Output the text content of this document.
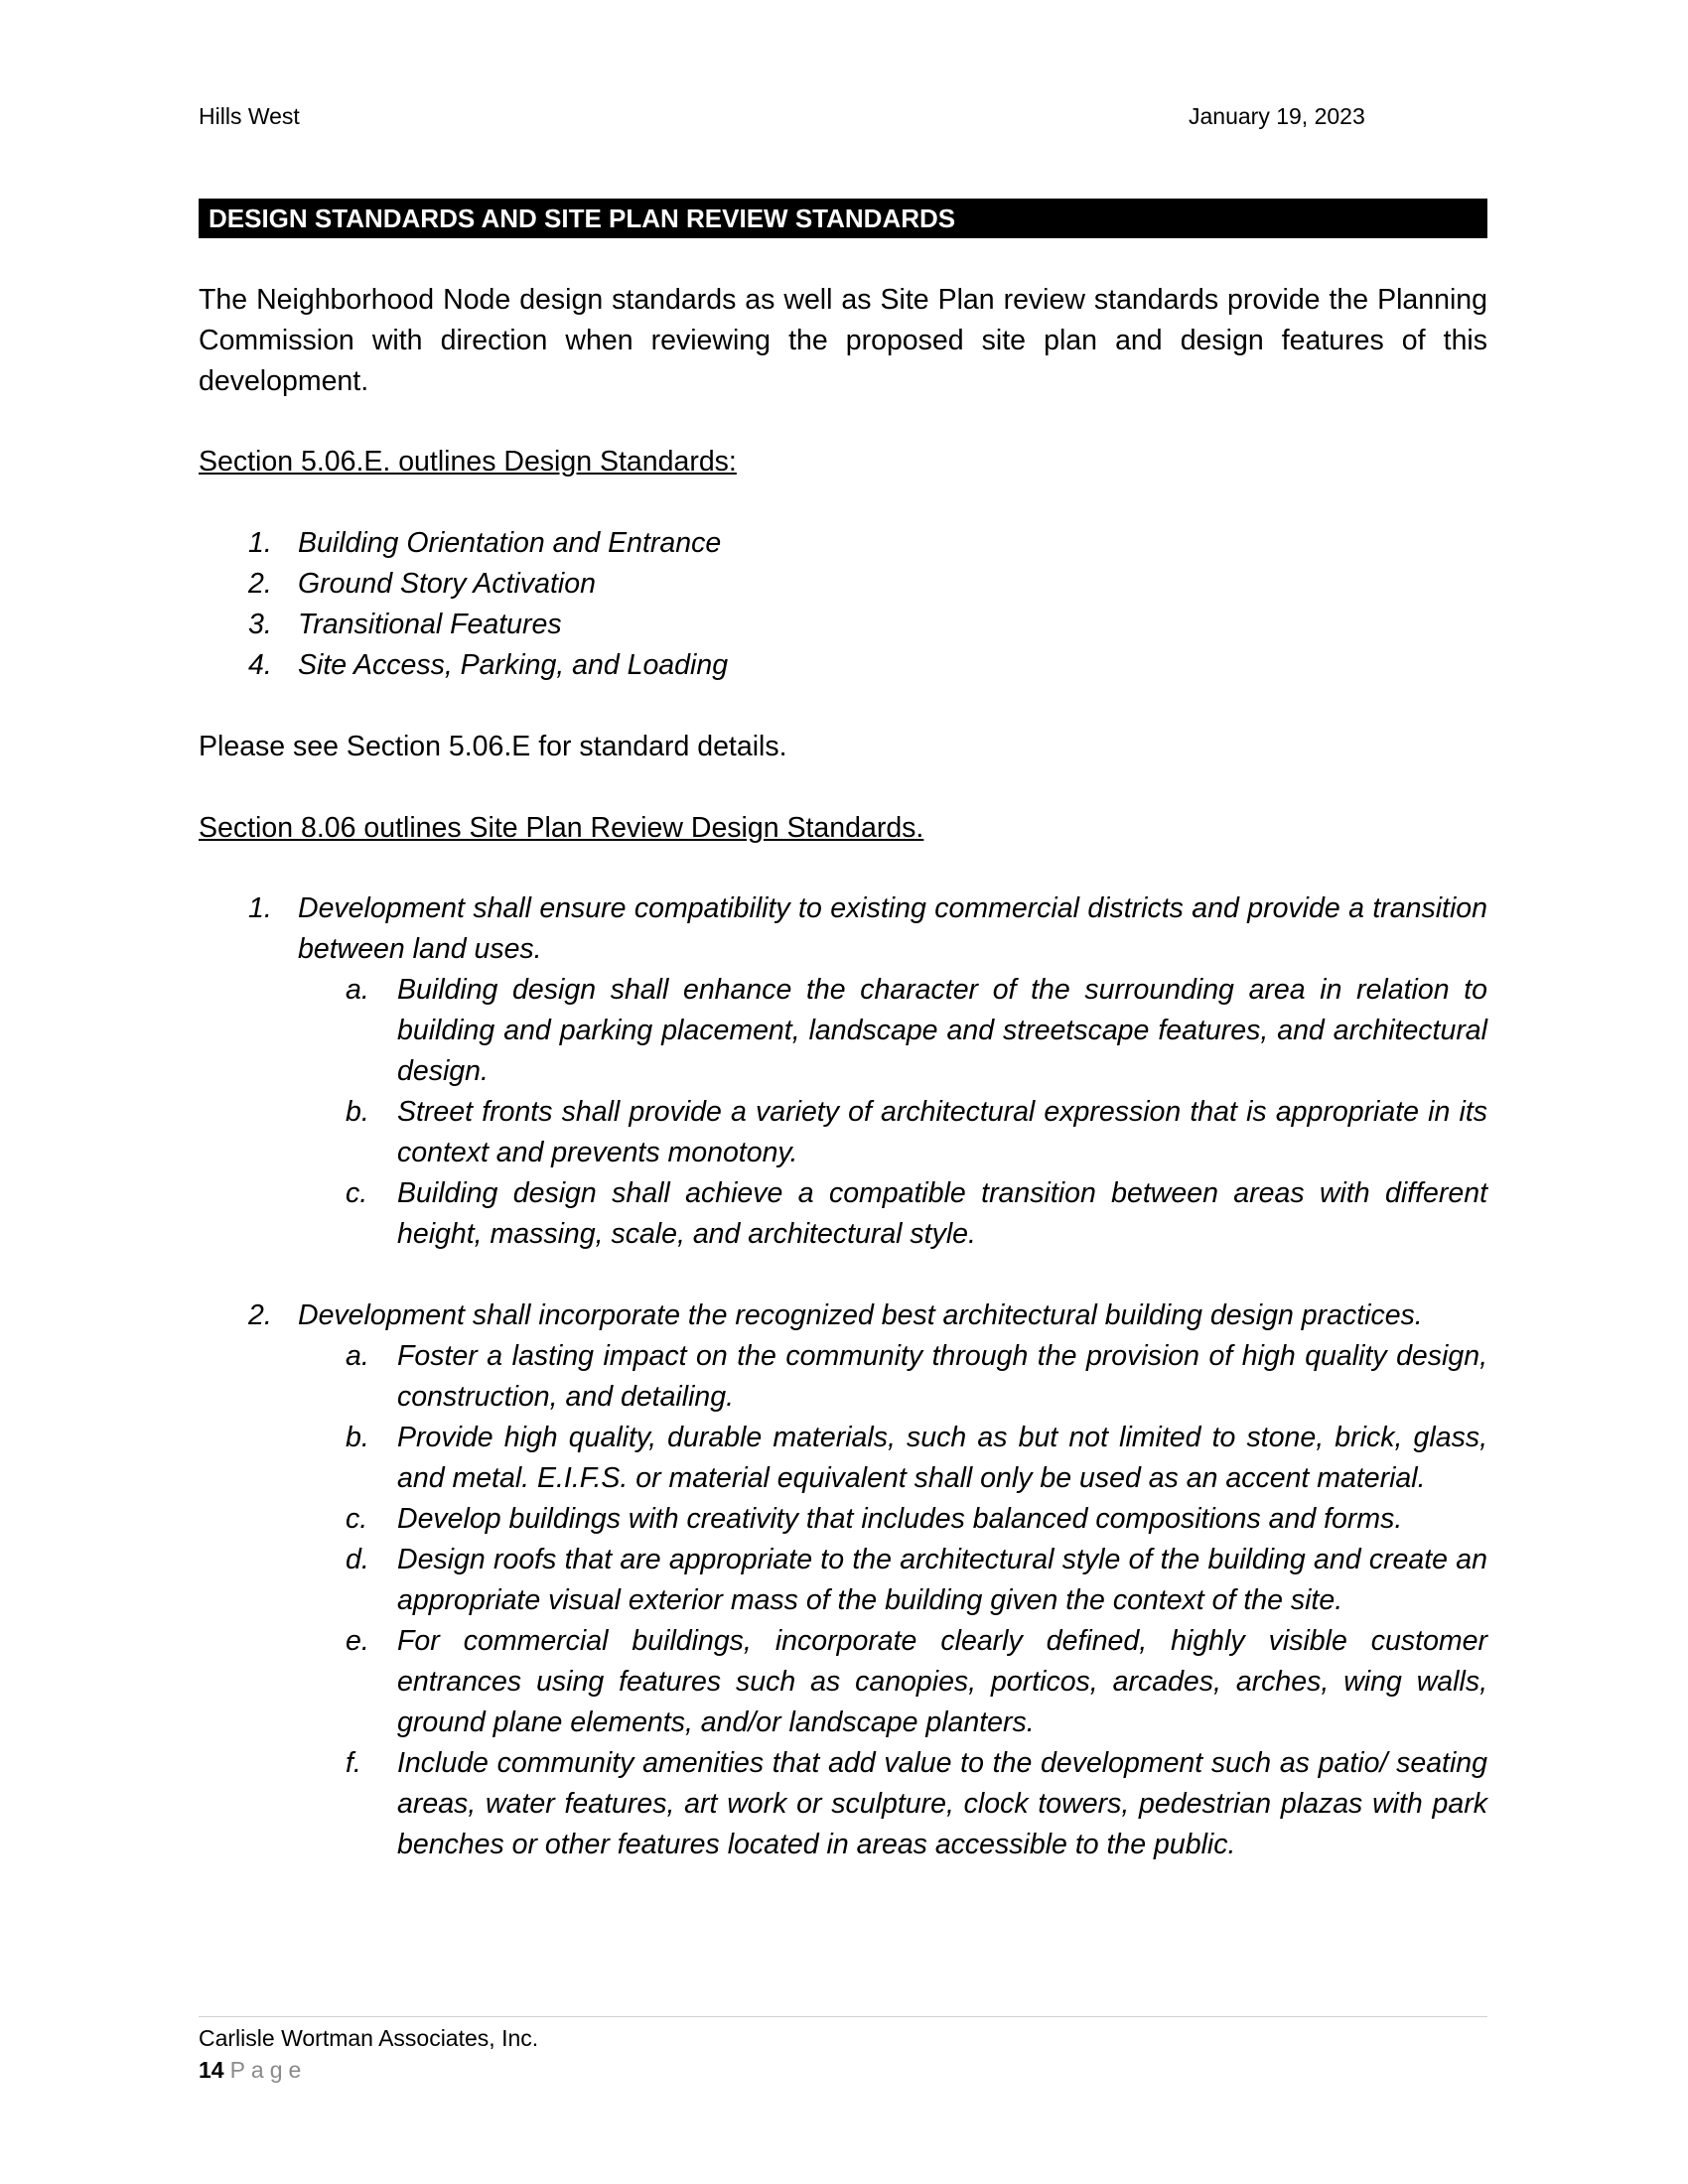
Hills West	January 19, 2023
DESIGN STANDARDS AND SITE PLAN REVIEW STANDARDS
The Neighborhood Node design standards as well as Site Plan review standards provide the Planning Commission with direction when reviewing the proposed site plan and design features of this development.
Section 5.06.E. outlines Design Standards:
1. Building Orientation and Entrance
2. Ground Story Activation
3. Transitional Features
4. Site Access, Parking, and Loading
Please see Section 5.06.E for standard details.
Section 8.06 outlines Site Plan Review Design Standards.
1. Development shall ensure compatibility to existing commercial districts and provide a transition between land uses.
a. Building design shall enhance the character of the surrounding area in relation to building and parking placement, landscape and streetscape features, and architectural design.
b. Street fronts shall provide a variety of architectural expression that is appropriate in its context and prevents monotony.
c. Building design shall achieve a compatible transition between areas with different height, massing, scale, and architectural style.
2. Development shall incorporate the recognized best architectural building design practices.
a. Foster a lasting impact on the community through the provision of high quality design, construction, and detailing.
b. Provide high quality, durable materials, such as but not limited to stone, brick, glass, and metal. E.I.F.S. or material equivalent shall only be used as an accent material.
c. Develop buildings with creativity that includes balanced compositions and forms.
d. Design roofs that are appropriate to the architectural style of the building and create an appropriate visual exterior mass of the building given the context of the site.
e. For commercial buildings, incorporate clearly defined, highly visible customer entrances using features such as canopies, porticos, arcades, arches, wing walls, ground plane elements, and/or landscape planters.
f. Include community amenities that add value to the development such as patio/ seating areas, water features, art work or sculpture, clock towers, pedestrian plazas with park benches or other features located in areas accessible to the public.
Carlisle Wortman Associates, Inc.
14 Page
